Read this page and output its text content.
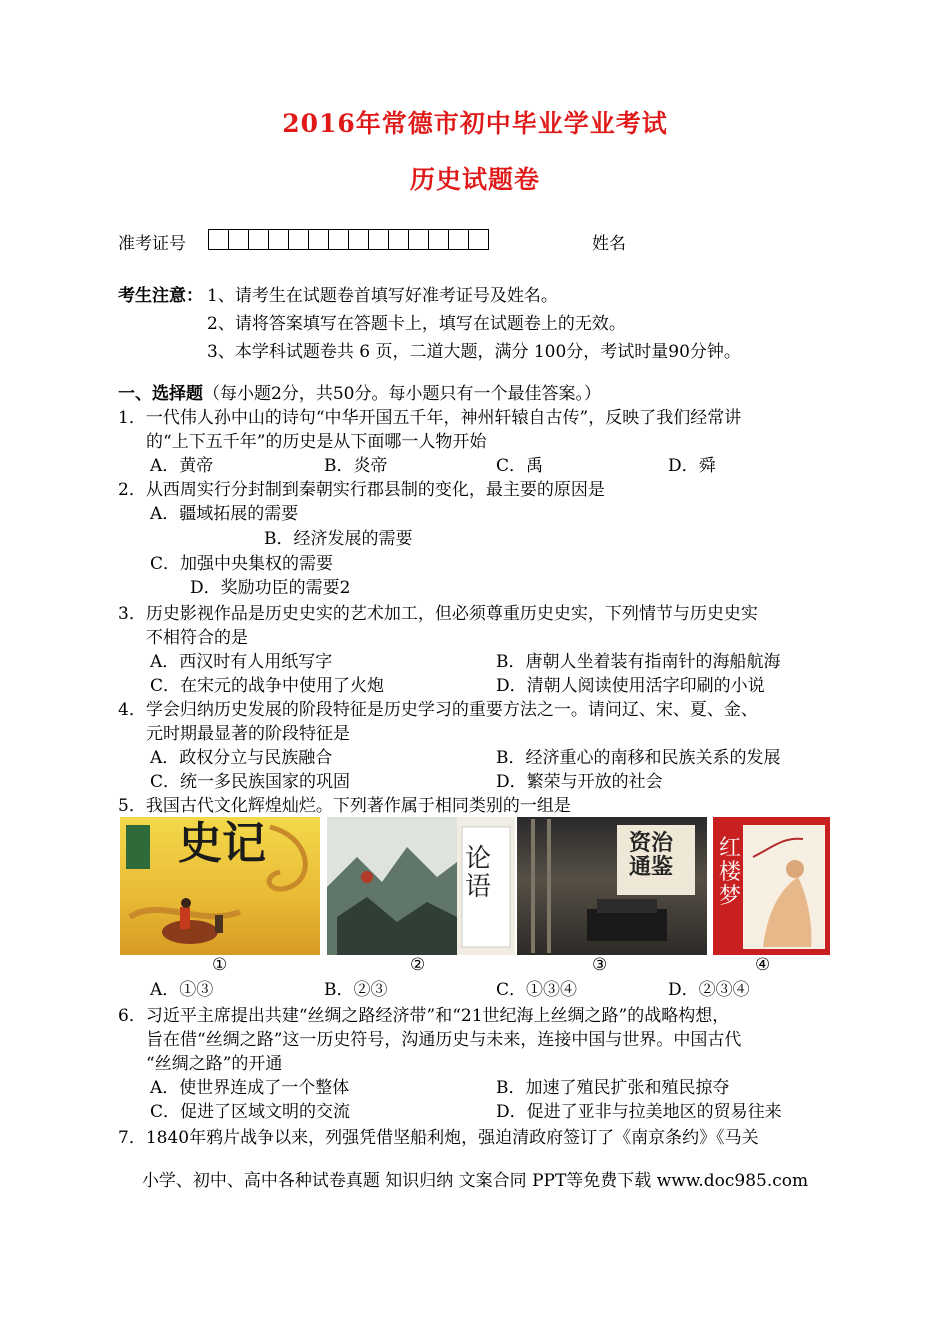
2016年常德市初中毕业学业考试
历史试题卷
准考证号	姓名
考生注意： 1、请考生在试题卷首填写好准考证号及姓名。
2、请将答案填写在答题卡上，填写在试题卷上的无效。
3、本学科试题卷共 6 页，二道大题，满分 100分，考试时量90分钟。
一、选择题（每小题2分，共50分。每小题只有一个最佳答案。）
1．一代伟人孙中山的诗句“中华开国五千年，神州轩辕自古传”，反映了我们经常讲
的“上下五千年”的历史是从下面哪一人物开始
A．黄帝	B．炎帝	C．禹	D．舜
2．从西周实行分封制到秦朝实行郡县制的变化，最主要的原因是
A．疆域拓展的需要
B．经济发展的需要
C．加强中央集权的需要
D．奖励功臣的需要2
3．历史影视作品是历史史实的艺术加工，但必须尊重历史史实，下列情节与历史史实
不相符合的是
A．西汉时有人用纸写字	B．唐朝人坐着装有指南针的海船航海
C．在宋元的战争中使用了火炮	D．清朝人阅读使用活字印刷的小说
4．学会归纳历史发展的阶段特征是历史学习的重要方法之一。请问辽、宋、夏、金、
元时期最显著的阶段特征是
A．政权分立与民族融合	B．经济重心的南移和民族关系的发展
C．统一多民族国家的巩固	D．繁荣与开放的社会
5．我国古代文化辉煌灿烂。下列著作属于相同类别的一组是
史记	论语
资治通鉴
红楼梦
①	②	③	④
A．①③	B．②③	C．①③④	D．②③④
6．习近平主席提出共建“丝绸之路经济带”和“21世纪海上丝绸之路”的战略构想，
旨在借“丝绸之路”这一历史符号，沟通历史与未来，连接中国与世界。中国古代
“丝绸之路”的开通
A．使世界连成了一个整体	B．加速了殖民扩张和殖民掠夺
C．促进了区域文明的交流	D．促进了亚非与拉美地区的贸易往来
7．1840年鸦片战争以来，列强凭借坚船利炮，强迫清政府签订了《南京条约》《马关
小学、初中、高中各种试卷真题 知识归纳 文案合同 PPT等免费下载 www.doc985.com
